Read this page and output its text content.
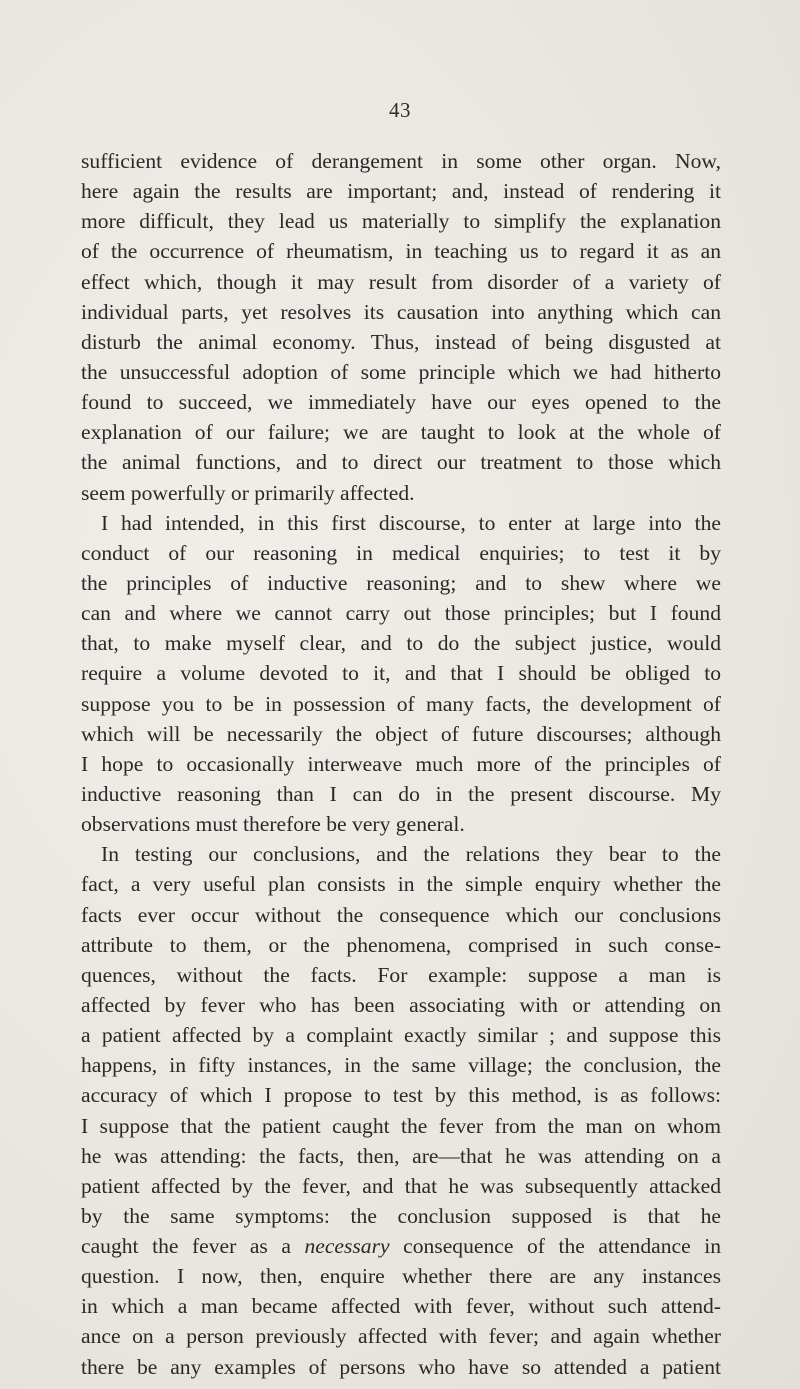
43
sufficient evidence of derangement in some other organ. Now,
here again the results are important; and, instead of rendering it
more difficult, they lead us materially to simplify the explanation
of the occurrence of rheumatism, in teaching us to regard it as an
effect which, though it may result from disorder of a variety of
individual parts, yet resolves its causation into anything which can
disturb the animal economy. Thus, instead of being disgusted at
the unsuccessful adoption of some principle which we had hitherto
found to succeed, we immediately have our eyes opened to the
explanation of our failure; we are taught to look at the whole of
the animal functions, and to direct our treatment to those which
seem powerfully or primarily affected.
I had intended, in this first discourse, to enter at large into the
conduct of our reasoning in medical enquiries; to test it by
the principles of inductive reasoning; and to shew where we
can and where we cannot carry out those principles; but I found
that, to make myself clear, and to do the subject justice, would
require a volume devoted to it, and that I should be obliged to
suppose you to be in possession of many facts, the development of
which will be necessarily the object of future discourses; although
I hope to occasionally interweave much more of the principles of
inductive reasoning than I can do in the present discourse. My
observations must therefore be very general.
In testing our conclusions, and the relations they bear to the
fact, a very useful plan consists in the simple enquiry whether the
facts ever occur without the consequence which our conclusions
attribute to them, or the phenomena, comprised in such conse-
quences, without the facts. For example: suppose a man is
affected by fever who has been associating with or attending on
a patient affected by a complaint exactly similar ; and suppose this
happens, in fifty instances, in the same village; the conclusion, the
accuracy of which I propose to test by this method, is as follows:
I suppose that the patient caught the fever from the man on whom
he was attending: the facts, then, are—that he was attending on a
patient affected by the fever, and that he was subsequently attacked
by the same symptoms: the conclusion supposed is that he
caught the fever as a necessary consequence of the attendance in
question. I now, then, enquire whether there are any instances
in which a man became affected with fever, without such attend-
ance on a person previously affected with fever; and again whether
there be any examples of persons who have so attended a patient
